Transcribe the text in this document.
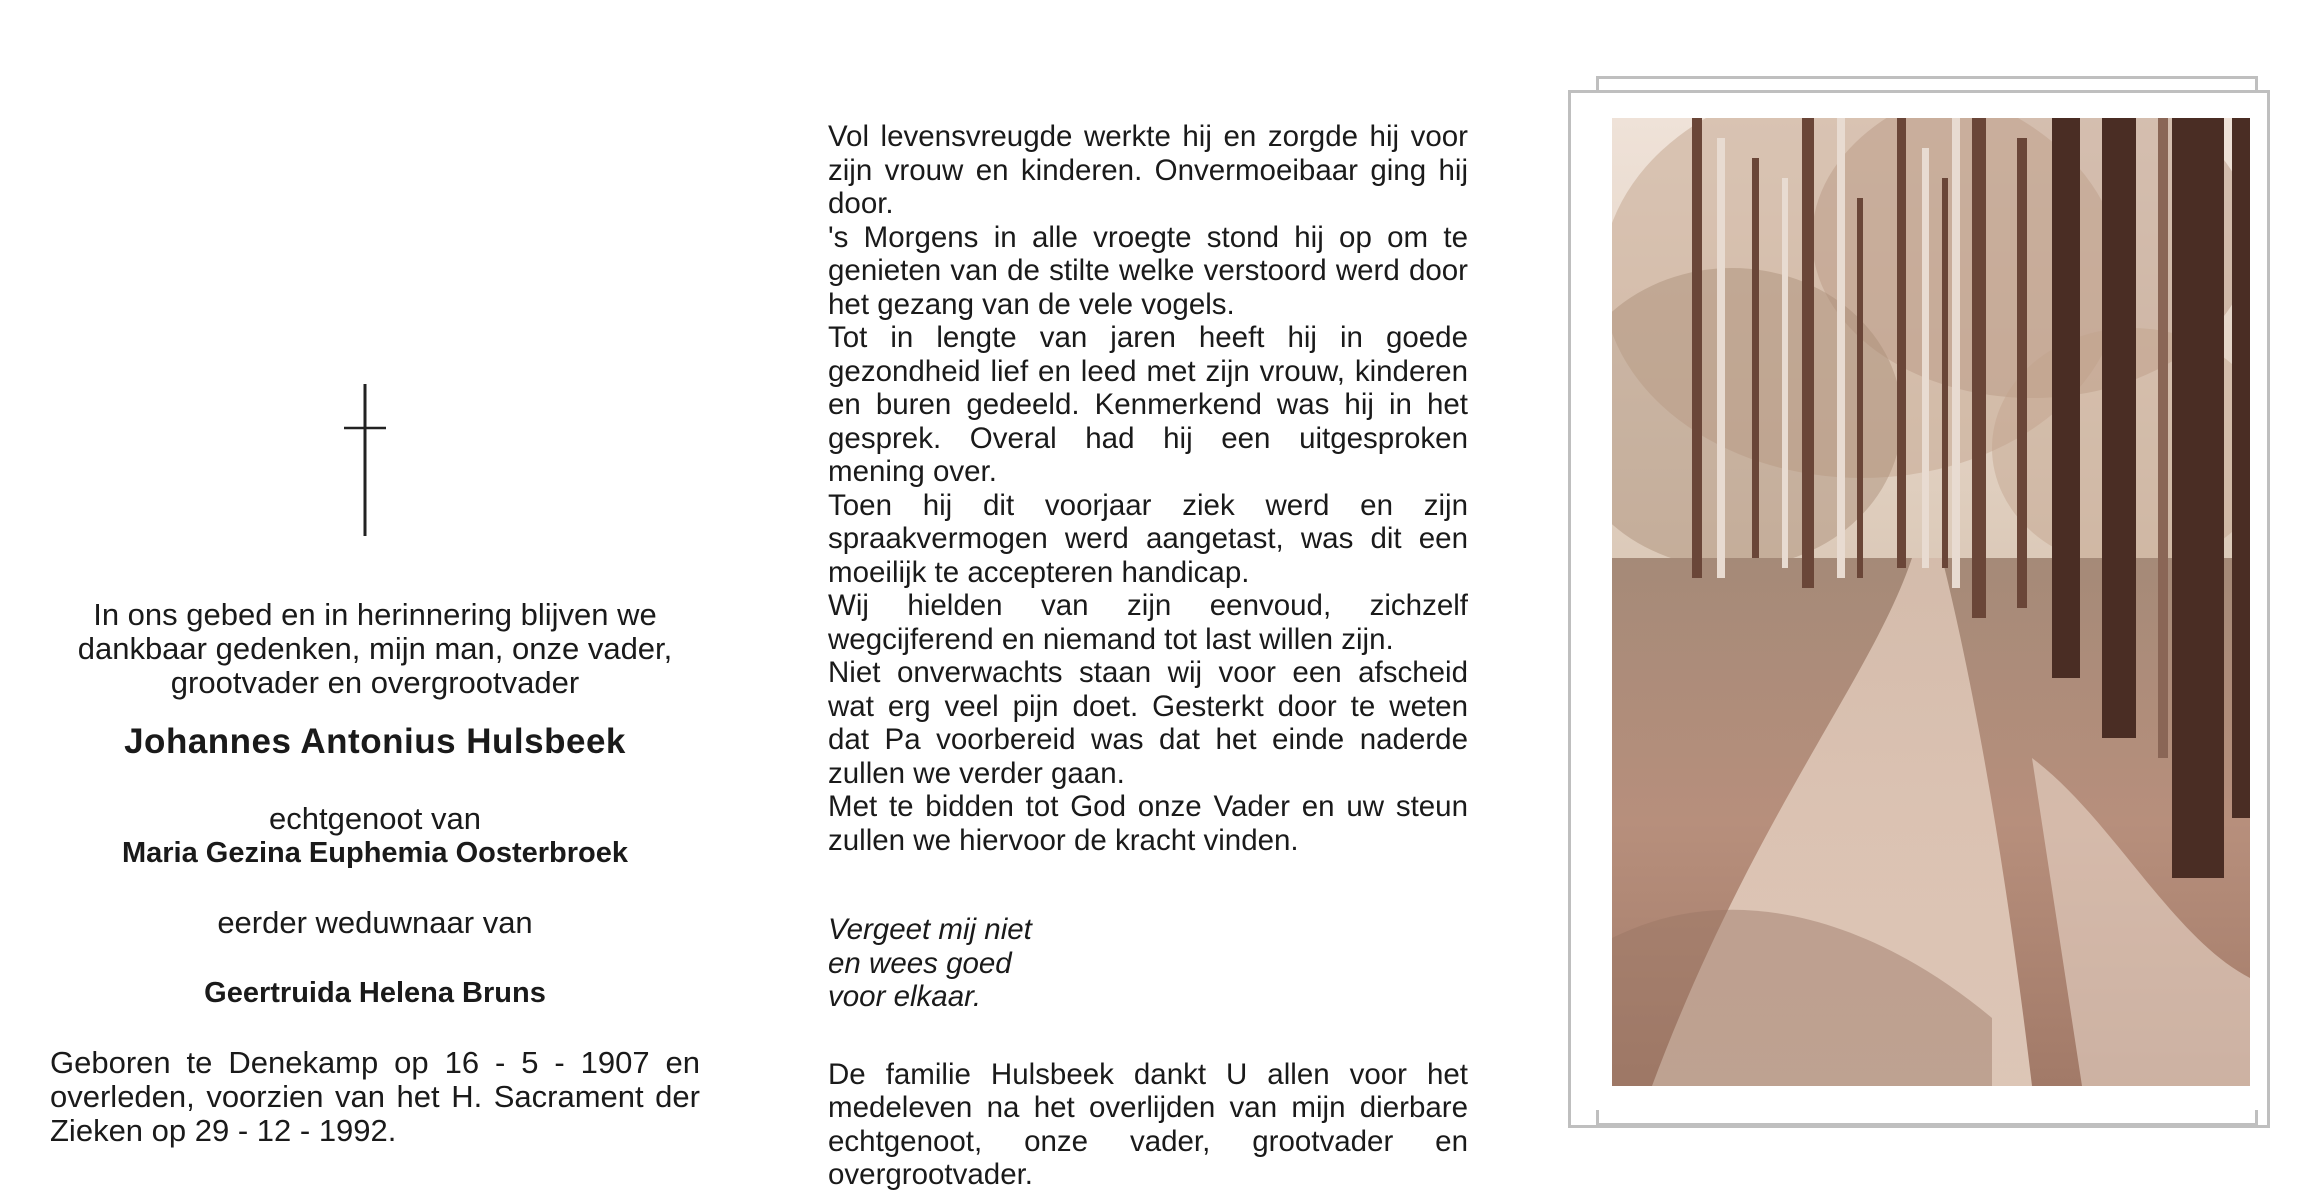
In ons gebed en in herinnering blijven we
dankbaar gedenken, mijn man, onze vader,
grootvader en overgrootvader
Johannes Antonius Hulsbeek
echtgenoot van
Maria Gezina Euphemia Oosterbroek
eerder weduwnaar van
Geertruida Helena Bruns
Geboren te Denekamp op 16 - 5 - 1907 en overleden, voorzien van het H. Sacrament der Zieken op 29 - 12 - 1992.
Vol levensvreugde werkte hij en zorgde hij voor zijn vrouw en kinderen. Onvermoeibaar ging hij door.
's Morgens in alle vroegte stond hij op om te genieten van de stilte welke verstoord werd door het gezang van de vele vogels.
Tot in lengte van jaren heeft hij in goede gezondheid lief en leed met zijn vrouw, kinderen en buren gedeeld. Kenmerkend was hij in het gesprek. Overal had hij een uitgesproken mening over.
Toen hij dit voorjaar ziek werd en zijn spraakvermogen werd aangetast, was dit een moeilijk te accepteren handicap.
Wij hielden van zijn eenvoud, zichzelf wegcijferend en niemand tot last willen zijn.
Niet onverwachts staan wij voor een afscheid wat erg veel pijn doet. Gesterkt door te weten dat Pa voorbereid was dat het einde naderde zullen we verder gaan.
Met te bidden tot God onze Vader en uw steun zullen we hiervoor de kracht vinden.
Vergeet mij niet
en wees goed
voor elkaar.
De familie Hulsbeek dankt U allen voor het medeleven na het overlijden van mijn dierbare echtgenoot, onze vader, grootvader en overgrootvader.
